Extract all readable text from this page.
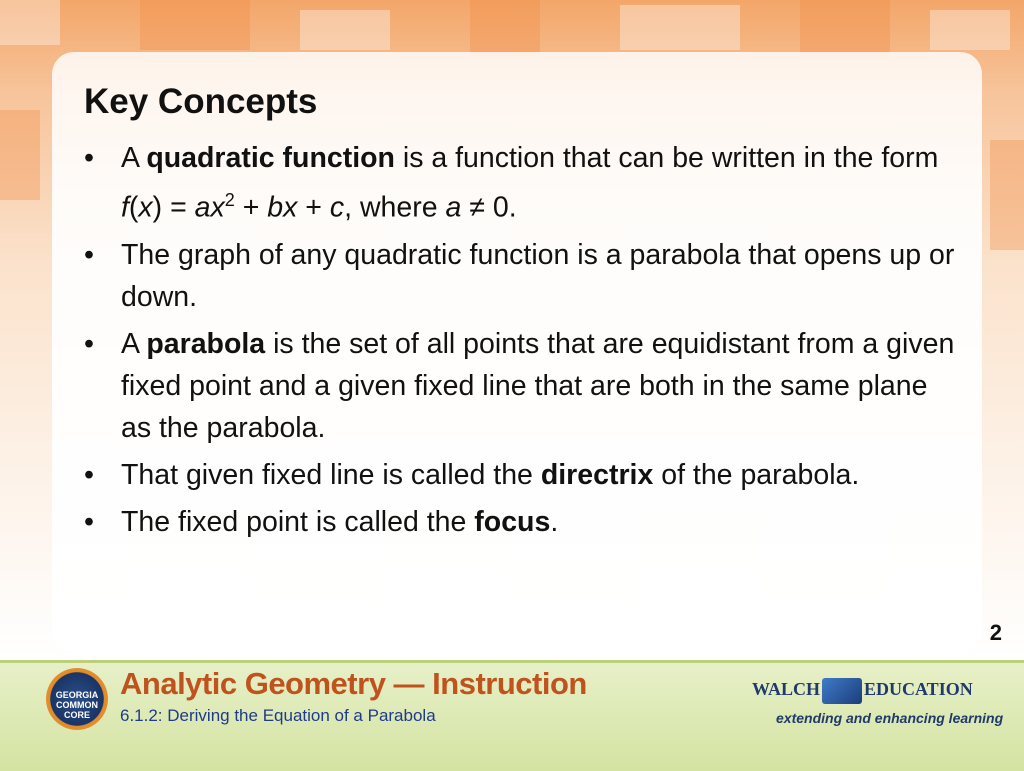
Key Concepts
• A quadratic function is a function that can be written in the form $f(x) = ax^2$ + bx + c, where a ≠ 0.
• The graph of any quadratic function is a parabola that opens up or down.
• A parabola is the set of all points that are equidistant from a given fixed point and a given fixed line that are both in the same plane as the parabola.
• That given fixed line is called the directrix of the parabola.
• The fixed point is called the focus.
2
GEORGIA COMMON CORE
Analytic Geometry — Instruction
6.1.2: Deriving the Equation of a Parabola
WALCH EDUCATION
extending and enhancing learning
